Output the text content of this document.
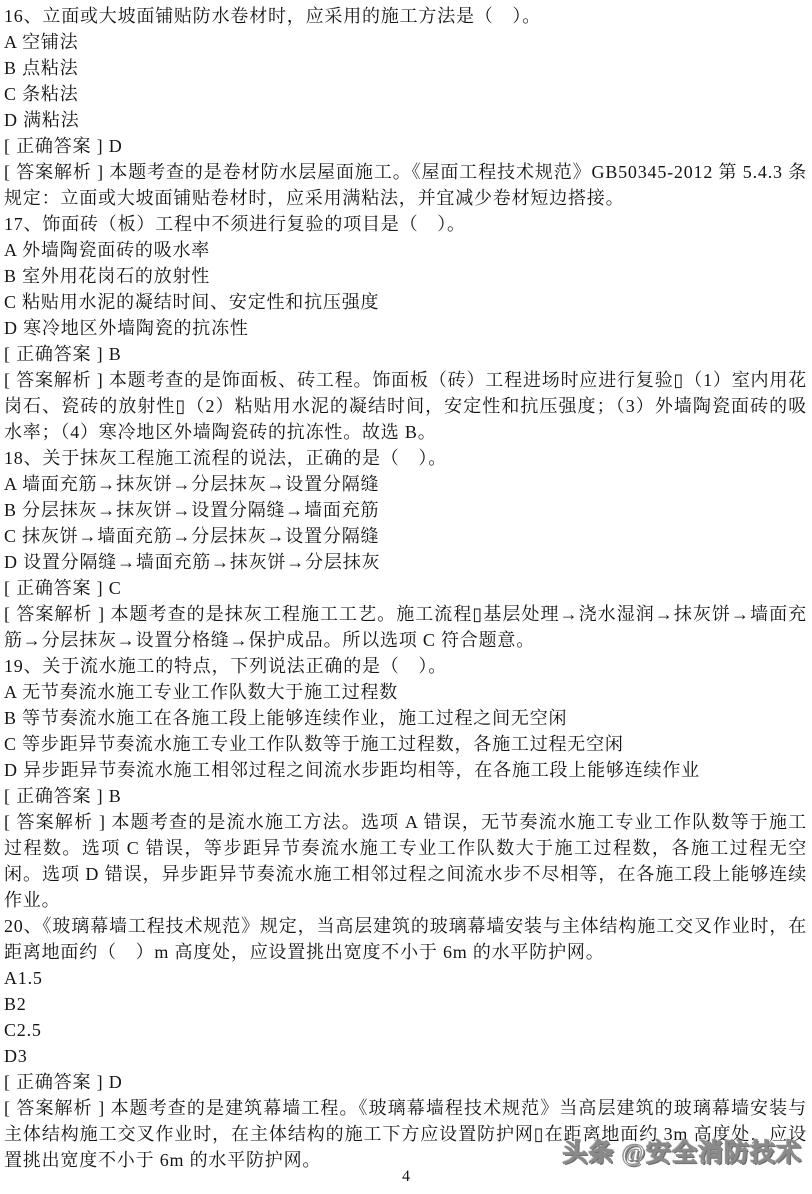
16、立面或大坡面铺贴防水卷材时，应采用的施工方法是（　）。

A 空铺法

B 点粘法

C 条粘法

D 满粘法

[ 正确答案 ] D

[ 答案解析 ] 本题考查的是卷材防水层屋面施工。《屋面工程技术规范》GB50345-2012 第 5.4.3 条规定：立面或大坡面铺贴卷材时，应采用满粘法，并宜减少卷材短边搭接。

17、饰面砖（板）工程中不须进行复验的项目是（　）。

A 外墙陶瓷面砖的吸水率

B 室外用花岗石的放射性

C 粘贴用水泥的凝结时间、安定性和抗压强度

D 寒冷地区外墙陶瓷的抗冻性

[ 正确答案 ] B

[ 答案解析 ] 本题考查的是饰面板、砖工程。饰面板（砖）工程进场时应进行复验▯（1）室内用花岗石、瓷砖的放射性▯（2）粘贴用水泥的凝结时间，安定性和抗压强度；（3）外墙陶瓷面砖的吸水率；（4）寒冷地区外墙陶瓷砖的抗冻性。故选 B。

18、关于抹灰工程施工流程的说法，正确的是（　）。

A 墙面充筋→抹灰饼→分层抹灰→设置分隔缝

B 分层抹灰→抹灰饼→设置分隔缝→墙面充筋

C 抹灰饼→墙面充筋→分层抹灰→设置分隔缝

D 设置分隔缝→墙面充筋→抹灰饼→分层抹灰

[ 正确答案 ] C

[ 答案解析 ] 本题考查的是抹灰工程施工工艺。施工流程▯基层处理→浇水湿润→抹灰饼→墙面充筋→分层抹灰→设置分格缝→保护成品。所以选项 C 符合题意。

19、关于流水施工的特点，下列说法正确的是（　）。

A 无节奏流水施工专业工作队数大于施工过程数

B 等节奏流水施工在各施工段上能够连续作业，施工过程之间无空闲

C 等步距异节奏流水施工专业工作队数等于施工过程数，各施工过程无空闲

D 异步距异节奏流水施工相邻过程之间流水步距均相等，在各施工段上能够连续作业

[ 正确答案 ] B

[ 答案解析 ] 本题考查的是流水施工方法。选项 A 错误，无节奏流水施工专业工作队数等于施工过程数。选项 C 错误，等步距异节奏流水施工专业工作队数大于施工过程数，各施工过程无空闲。选项 D 错误，异步距异节奏流水施工相邻过程之间流水步不尽相等，在各施工段上能够连续作业。

20、《玻璃幕墙工程技术规范》规定，当高层建筑的玻璃幕墙安装与主体结构施工交叉作业时，在距离地面约（　）m 高度处，应设置挑出宽度不小于 6m 的水平防护网。

A1.5

B2

C2.5

D3

[ 正确答案 ] D

[ 答案解析 ] 本题考查的是建筑幕墙工程。《玻璃幕墙程技术规范》当高层建筑的玻璃幕墙安装与主体结构施工交叉作业时，在主体结构的施工下方应设置防护网▯在距离地面约 3m 高度处，应设置挑出宽度不小于 6m 的水平防护网。	头条 @安全消防技术
4
